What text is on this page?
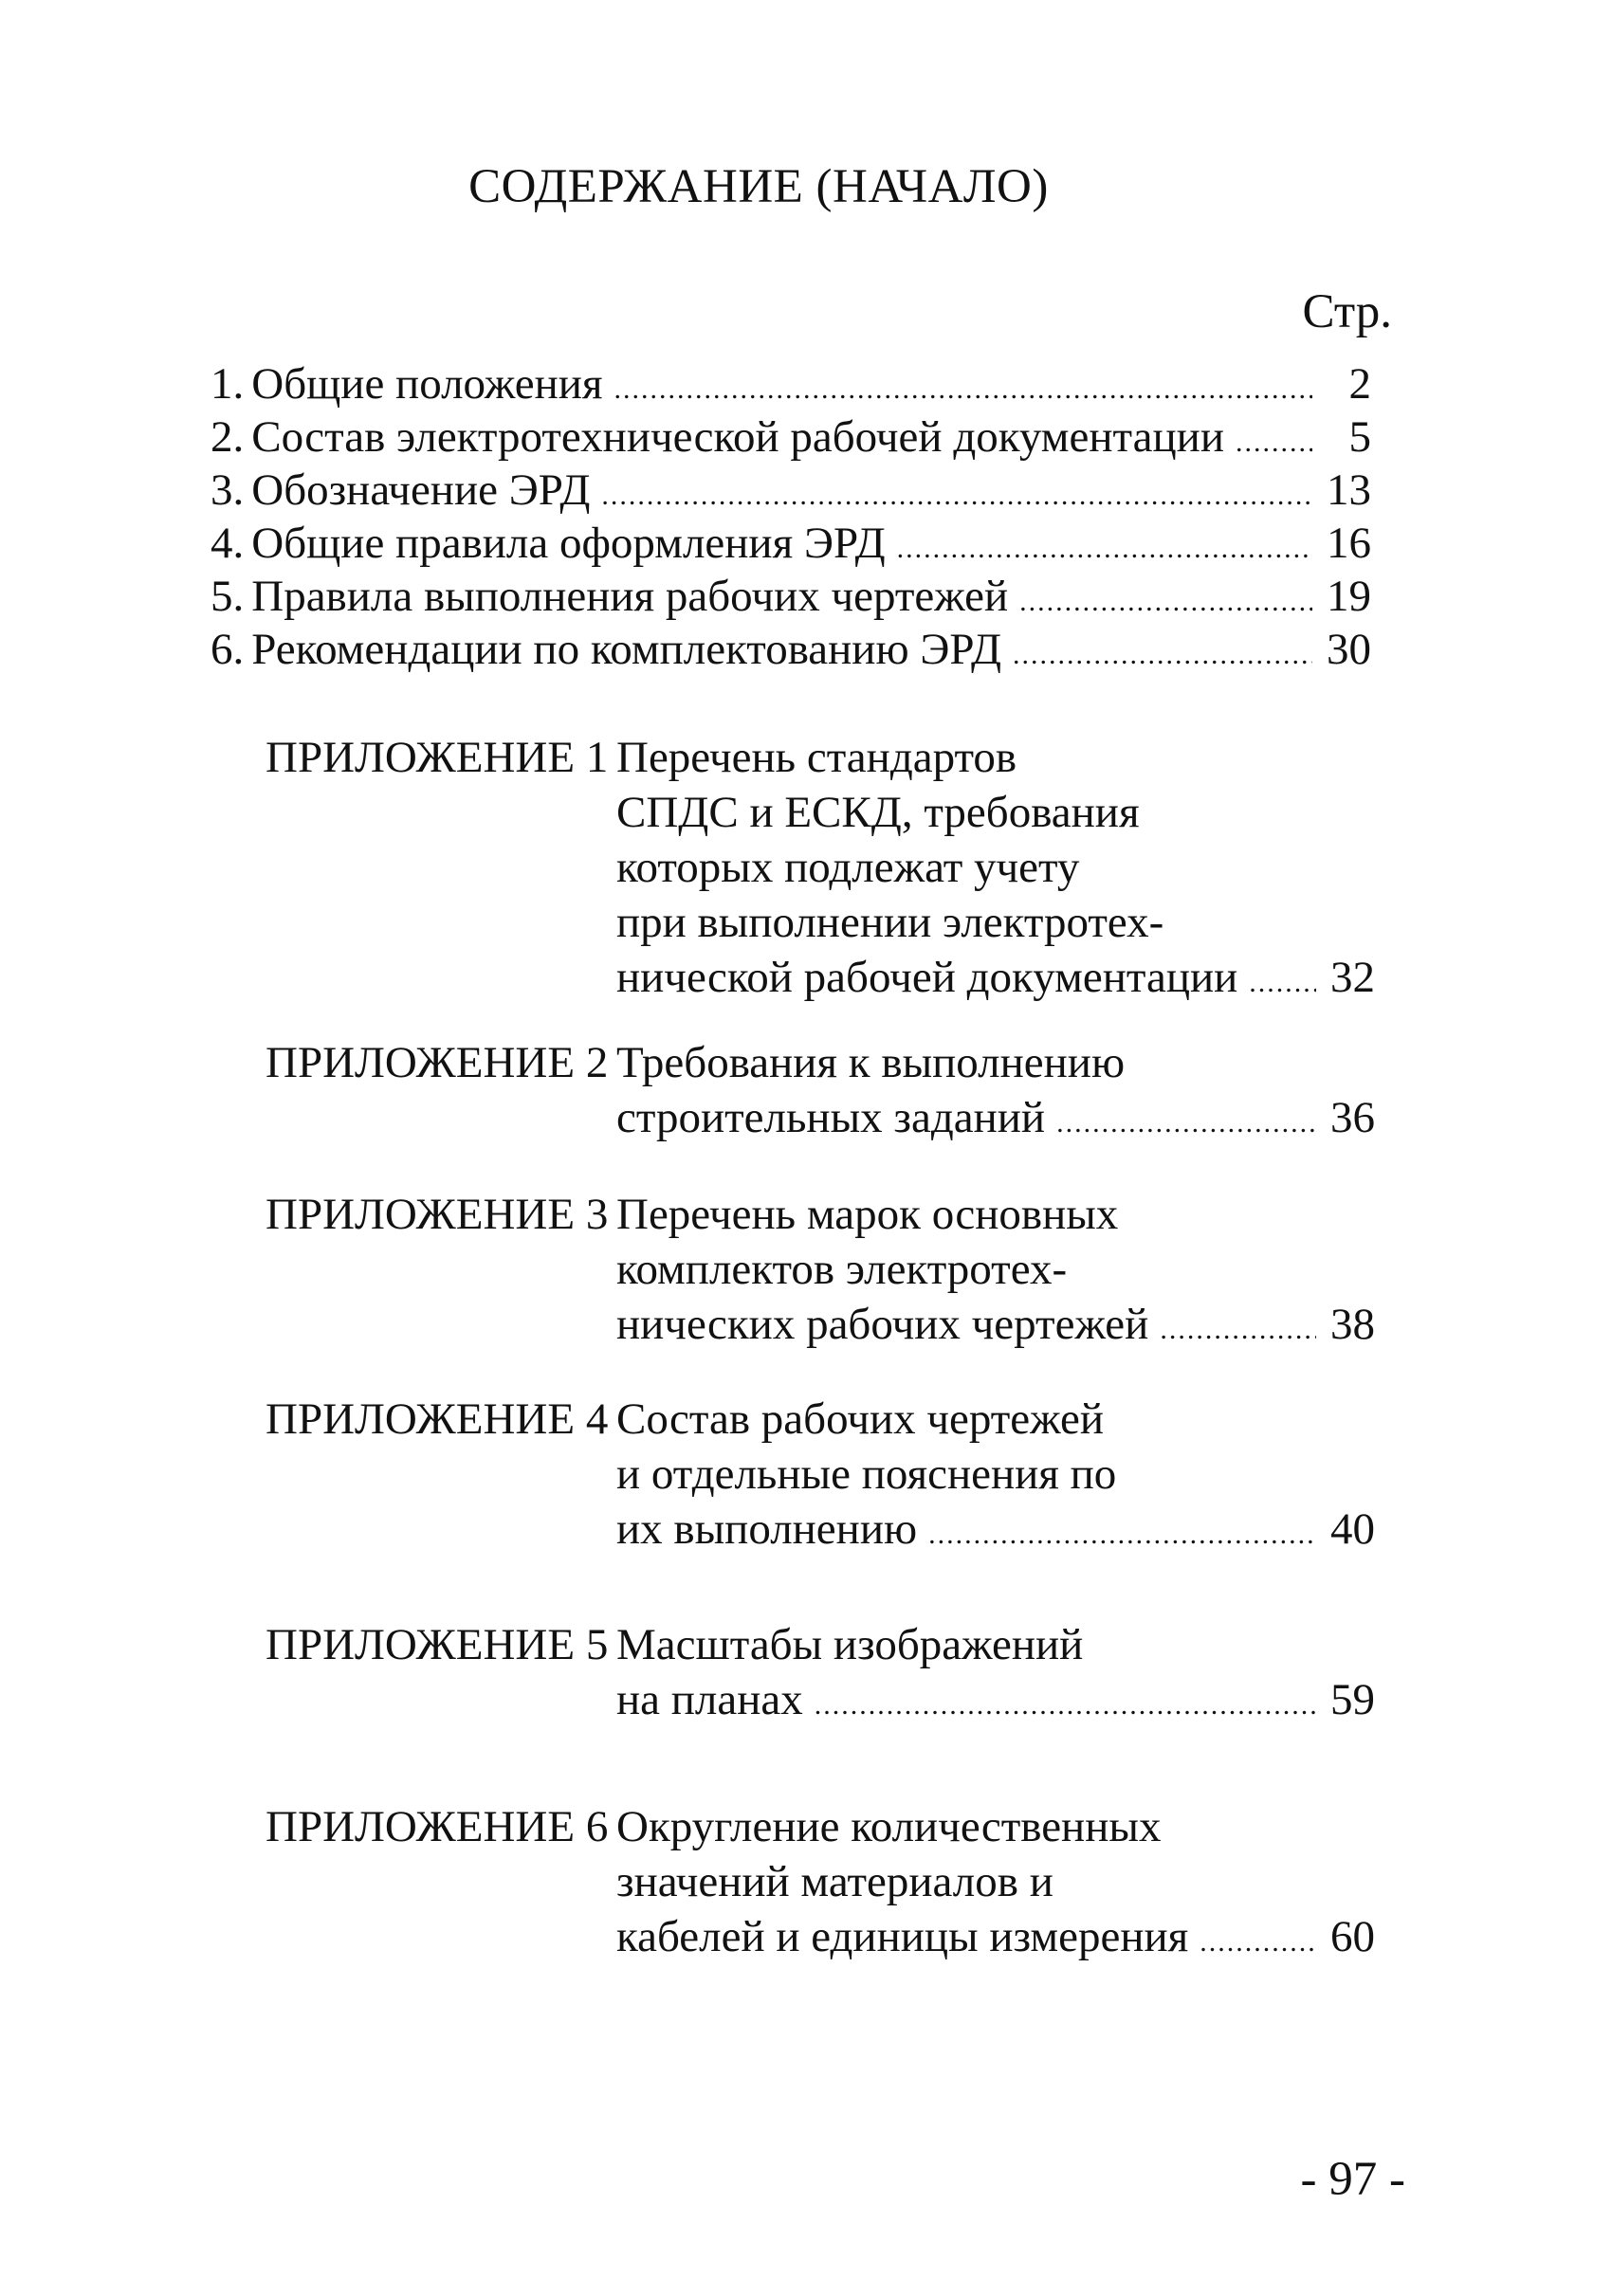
СОДЕРЖАНИЕ (НАЧАЛО)
Стр.
1. Общие положения .....	2
2. Состав электротехнической рабочей документации .....	5
3. Обозначение ЭРД .....	13
4. Общие правила оформления ЭРД .....	16
5. Правила выполнения рабочих чертежей .....	19
6. Рекомендации по комплектованию ЭРД .....	30
ПРИЛОЖЕНИЕ 1 Перечень стандартов
СПДС и ЕСКД, требования
которых подлежат учету
при выполнении электротех-
нической рабочей документации ..... 32
ПРИЛОЖЕНИЕ 2 Требования к выполнению
строительных заданий .....	36
ПРИЛОЖЕНИЕ 3 Перечень марок основных
комплектов электротех-
нических рабочих чертежей .....	38
ПРИЛОЖЕНИЕ 4 Состав рабочих чертежей
и отдельные пояснения по
их выполнению .....	40
ПРИЛОЖЕНИЕ 5 Масштабы изображений
на планах .....	59
ПРИЛОЖЕНИЕ 6 Округление количественных
значений материалов и
кабелей и единицы измерения .....	60
- 97 -
